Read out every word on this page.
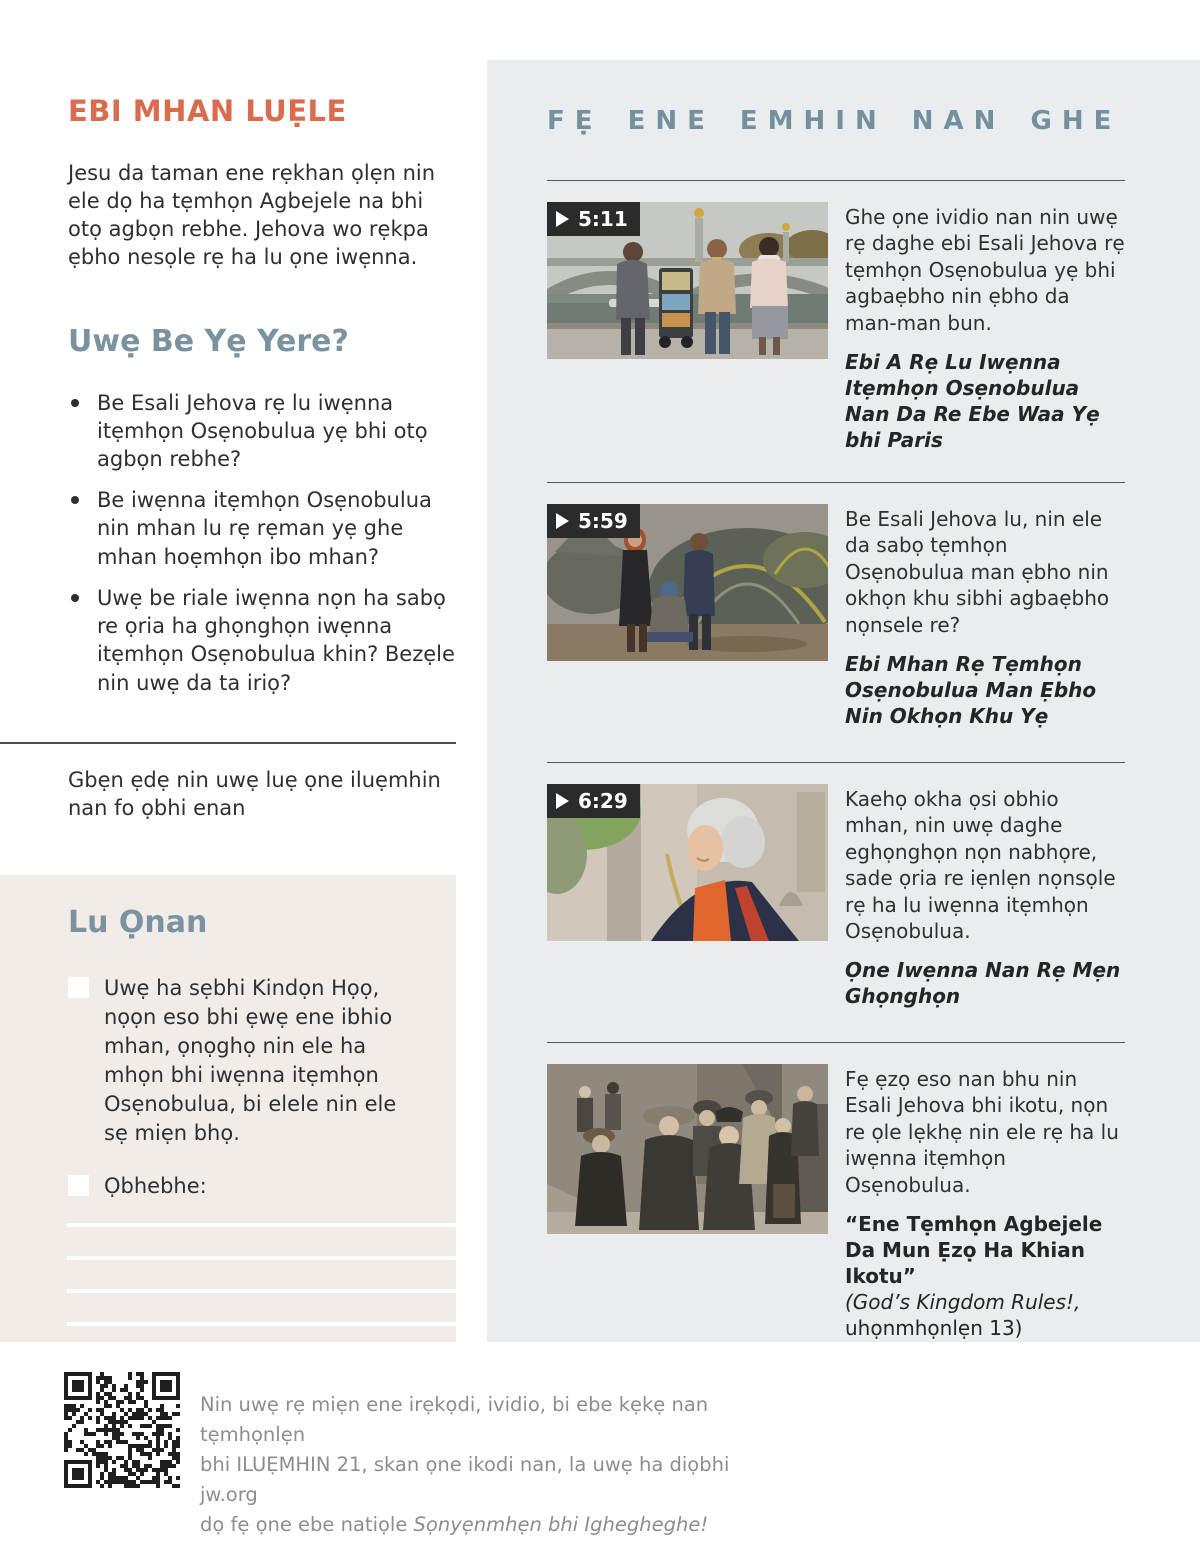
EBI MHAN LUẸLE

Jesu da taman ene rẹkhan ọlẹn nin ele dọ ha tẹmhọn Agbejele na bhi otọ agbọn rebhe. Jehova wo rẹkpa ẹbho nesọle rẹ ha lu ọne iwẹnna.

Uwẹ Be Yẹ Yere?
Be Esali Jehova rẹ lu iwẹnna itẹmhọn Osẹnobulua yẹ bhi otọ agbọn rebhe?
Be iwẹnna itẹmhọn Osẹnobulua nin mhan lu rẹ rẹman yẹ ghe mhan hoẹmhọn ibo mhan?
Uwẹ be riale iwẹnna nọn ha sabọ re ọria ha ghọnghọn iwẹnna itẹmhọn Osẹnobulua khin? Bezẹle nin uwẹ da ta iriọ?

Gbẹn ẹdẹ nin uwẹ luẹ ọne iluẹmhin nan fo ọbhi enan

Lu Ọnan
Uwẹ ha sẹbhi Kindọn Họọ, nọọn eso bhi ẹwẹ ene ibhio mhan, ọnọghọ nin ele ha mhọn bhi iwẹnna itẹmhọn Osẹnobulua, bi elele nin ele sẹ miẹn bhọ.
Ọbhebhe:
FẸ ENE EMHIN NAN GHE
5:11	Ghe ọne ividio nan nin uwẹ rẹ daghe ebi Esali Jehova rẹ tẹmhọn Osẹnobulua yẹ bhi agbaẹbho nin ẹbho da man-man bun.

Ebi A Rẹ Lu Iwẹnna Itẹmhọn Osẹnobulua Nan Da Re Ebe Waa Yẹ bhi Paris

5:59	Be Esali Jehova lu, nin ele da sabọ tẹmhọn Osẹnobulua man ẹbho nin okhọn khu sibhi agbaẹbho nọnsele re?

Ebi Mhan Rẹ Tẹmhọn Osẹnobulua Man Ẹbho Nin Okhọn Khu Yẹ

6:29	Kaehọ okha ọsi obhio mhan, nin uwẹ daghe eghọnghọn nọn nabhọre, sade ọria re iẹnlẹn nọnsọle rẹ ha lu iwẹnna itẹmhọn Osẹnobulua.

Ọne Iwẹnna Nan Rẹ Mẹn Ghọnghọn

Fẹ ẹzọ eso nan bhu nin Esali Jehova bhi ikotu, nọn re ọle lẹkhẹ nin ele rẹ ha lu iwẹnna itẹmhọn Osẹnobulua.

“Ene Tẹmhọn Agbejele Da Mun Ẹzọ Ha Khian Ikotu”
(God’s Kingdom Rules!,
uhọnmhọnlẹn 13)

Nin uwẹ rẹ miẹn ene irẹkọdi, ividio, bi ebe kẹkẹ nan tẹmhọnlẹn
bhi ILUẸMHIN 21, skan ọne ikodi nan, la uwẹ ha diọbhi jw.org
dọ fẹ ọne ebe natiọle Sọnyẹnmhẹn bhi Ighegheghe!
